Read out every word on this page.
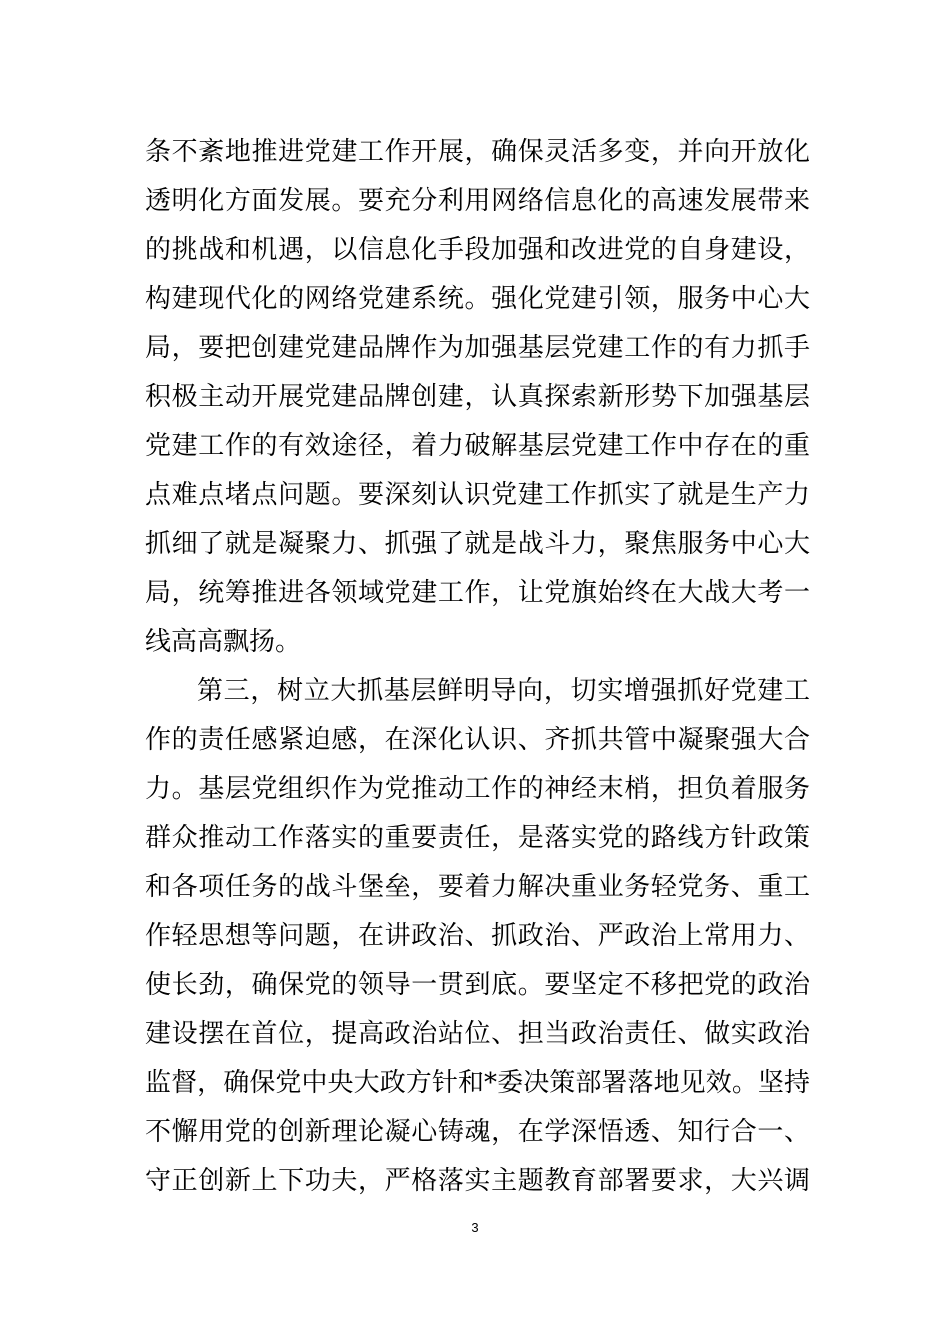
条不紊地推进党建工作开展，确保灵活多变，并向开放化
透明化方面发展。要充分利用网络信息化的高速发展带来
的挑战和机遇，以信息化手段加强和改进党的自身建设，
构建现代化的网络党建系统。强化党建引领，服务中心大
局，要把创建党建品牌作为加强基层党建工作的有力抓手
积极主动开展党建品牌创建，认真探索新形势下加强基层
党建工作的有效途径，着力破解基层党建工作中存在的重
点难点堵点问题。要深刻认识党建工作抓实了就是生产力
抓细了就是凝聚力、抓强了就是战斗力，聚焦服务中心大
局，统筹推进各领域党建工作，让党旗始终在大战大考一
线高高飘扬。
第三，树立大抓基层鲜明导向，切实增强抓好党建工
作的责任感紧迫感，在深化认识、齐抓共管中凝聚强大合
力。基层党组织作为党推动工作的神经末梢，担负着服务
群众推动工作落实的重要责任，是落实党的路线方针政策
和各项任务的战斗堡垒，要着力解决重业务轻党务、重工
作轻思想等问题，在讲政治、抓政治、严政治上常用力、
使长劲，确保党的领导一贯到底。要坚定不移把党的政治
建设摆在首位，提高政治站位、担当政治责任、做实政治
监督，确保党中央大政方针和*委决策部署落地见效。坚持
不懈用党的创新理论凝心铸魂，在学深悟透、知行合一、
守正创新上下功夫，严格落实主题教育部署要求，大兴调
3
